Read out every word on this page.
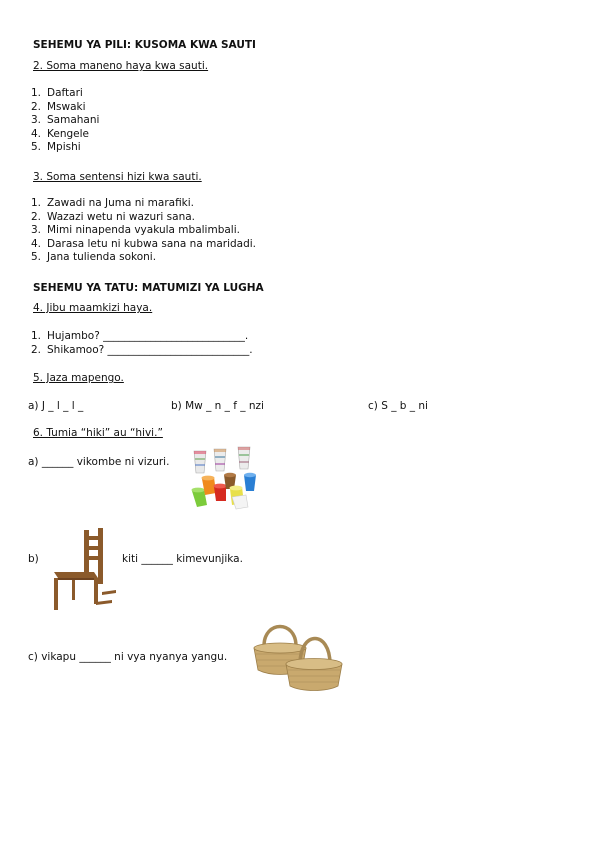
SEHEMU YA PILI: KUSOMA KWA SAUTI
2. Soma maneno haya kwa sauti.
1. Daftari
2. Mswaki
3. Samahani
4. Kengele
5. Mpishi
3. Soma sentensi hizi kwa sauti.
1. Zawadi na Juma ni marafiki.
2. Wazazi wetu ni wazuri sana.
3. Mimi ninapenda vyakula mbalimbali.
4. Darasa letu ni kubwa sana na maridadi.
5. Jana tulienda sokoni.
SEHEMU YA TATU: MATUMIZI YA LUGHA
4. Jibu maamkizi haya.
1. Hujambo? ___________________________.
2. Shikamoo? ___________________________.
5. Jaza mapengo.
a) J _ l _ l _	b) Mw _ n _ f _ nzi	c) S _ b _ ni
6. Tumia “hiki” au “hivi.”
a) ______ vikombe ni vizuri.
b)	kiti ______ kimevunjika.
c) vikapu ______ ni vya nyanya yangu.
